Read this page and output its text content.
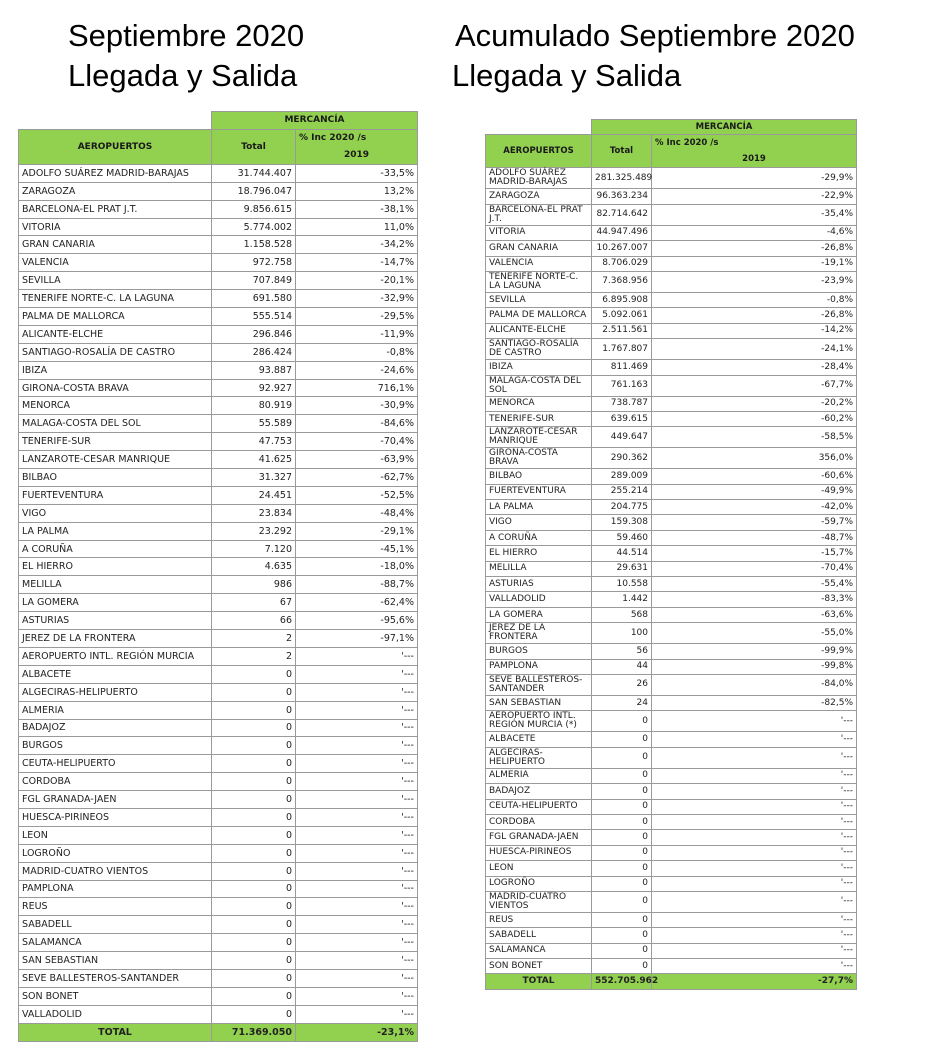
Septiembre 2020
Llegada y Salida
Acumulado Septiembre 2020
Llegada y Salida
	MERCANCÍA	
AEROPUERTOS	Total	% Inc 2020 /s
		2019
ADOLFO SUÁREZ MADRID-BARAJAS	31.744.407	-33,5%
ZARAGOZA	18.796.047	13,2%
BARCELONA-EL PRAT J.T.	9.856.615	-38,1%
VITORIA	5.774.002	11,0%
GRAN CANARIA	1.158.528	-34,2%
VALENCIA	972.758	-14,7%
SEVILLA	707.849	-20,1%
TENERIFE NORTE-C. LA LAGUNA	691.580	-32,9%
PALMA DE MALLORCA	555.514	-29,5%
ALICANTE-ELCHE	296.846	-11,9%
SANTIAGO-ROSALÍA DE CASTRO	286.424	-0,8%
IBIZA	93.887	-24,6%
GIRONA-COSTA BRAVA	92.927	716,1%
MENORCA	80.919	-30,9%
MALAGA-COSTA DEL SOL	55.589	-84,6%
TENERIFE-SUR	47.753	-70,4%
LANZAROTE-CESAR MANRIQUE	41.625	-63,9%
BILBAO	31.327	-62,7%
FUERTEVENTURA	24.451	-52,5%
VIGO	23.834	-48,4%
LA PALMA	23.292	-29,1%
A CORUÑA	7.120	-45,1%
EL HIERRO	4.635	-18,0%
MELILLA	986	-88,7%
LA GOMERA	67	-62,4%
ASTURIAS	66	-95,6%
JEREZ DE LA FRONTERA	2	-97,1%
AEROPUERTO INTL. REGIÓN MURCIA	2	'---
ALBACETE	0	'---
ALGECIRAS-HELIPUERTO	0	'---
ALMERIA	0	'---
BADAJOZ	0	'---
BURGOS	0	'---
CEUTA-HELIPUERTO	0	'---
CORDOBA	0	'---
FGL GRANADA-JAEN	0	'---
HUESCA-PIRINEOS	0	'---
LEON	0	'---
LOGROÑO	0	'---
MADRID-CUATRO VIENTOS	0	'---
PAMPLONA	0	'---
REUS	0	'---
SABADELL	0	'---
SALAMANCA	0	'---
SAN SEBASTIAN	0	'---
SEVE BALLESTEROS-SANTANDER	0	'---
SON BONET	0	'---
VALLADOLID	0	'---
TOTAL	71.369.050	-23,1%
	MERCANCÍA	
AEROPUERTOS	Total	% Inc 2020 /s
		2019
ADOLFO SUÁREZ MADRID-BARAJAS	281.325.489	-29,9%
ZARAGOZA	96.363.234	-22,9%
BARCELONA-EL PRAT J.T.	82.714.642	-35,4%
VITORIA	44.947.496	-4,6%
GRAN CANARIA	10.267.007	-26,8%
VALENCIA	8.706.029	-19,1%
TENERIFE NORTE-C. LA LAGUNA	7.368.956	-23,9%
SEVILLA	6.895.908	-0,8%
PALMA DE MALLORCA	5.092.061	-26,8%
ALICANTE-ELCHE	2.511.561	-14,2%
SANTIAGO-ROSALÍA DE CASTRO	1.767.807	-24,1%
IBIZA	811.469	-28,4%
MALAGA-COSTA DEL SOL	761.163	-67,7%
MENORCA	738.787	-20,2%
TENERIFE-SUR	639.615	-60,2%
LANZAROTE-CESAR MANRIQUE	449.647	-58,5%
GIRONA-COSTA BRAVA	290.362	356,0%
BILBAO	289.009	-60,6%
FUERTEVENTURA	255.214	-49,9%
LA PALMA	204.775	-42,0%
VIGO	159.308	-59,7%
A CORUÑA	59.460	-48,7%
EL HIERRO	44.514	-15,7%
MELILLA	29.631	-70,4%
ASTURIAS	10.558	-55,4%
VALLADOLID	1.442	-83,3%
LA GOMERA	568	-63,6%
JEREZ DE LA FRONTERA	100	-55,0%
BURGOS	56	-99,9%
PAMPLONA	44	-99,8%
SEVE BALLESTEROS-SANTANDER	26	-84,0%
SAN SEBASTIAN	24	-82,5%
AEROPUERTO INTL. REGIÓN MURCIA (*)	0	'---
ALBACETE	0	'---
ALGECIRAS-HELIPUERTO	0	'---
ALMERIA	0	'---
BADAJOZ	0	'---
CEUTA-HELIPUERTO	0	'---
CORDOBA	0	'---
FGL GRANADA-JAEN	0	'---
HUESCA-PIRINEOS	0	'---
LEON	0	'---
LOGROÑO	0	'---
MADRID-CUATRO VIENTOS	0	'---
REUS	0	'---
SABADELL	0	'---
SALAMANCA	0	'---
SON BONET	0	'---
TOTAL	552.705.962	-27,7%
